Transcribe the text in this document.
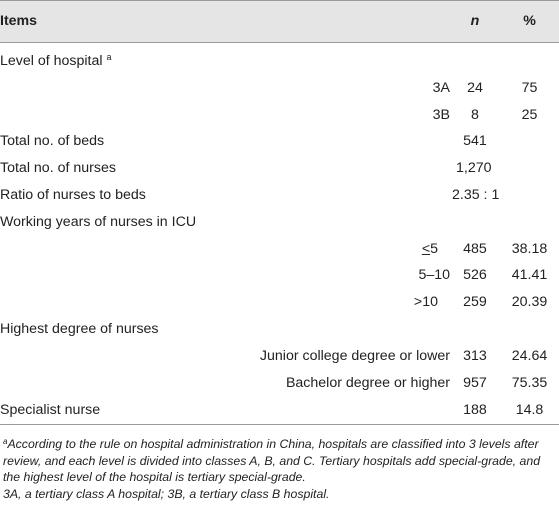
Items	n	%
Level of hospital $^a$
3A	24	75
3B	8	25
Total no. of beds	541	
Total no. of nurses	1,270	
Ratio of nurses to beds	2.35 : 1	
Working years of nurses in ICU		
≤5	485	38.18
5–10	526	41.41
>10	259	20.39
Highest degree of nurses		
Junior college degree or lower	313	24.64
Bachelor degree or higher	957	75.35
Specialist nurse	188	14.8

$^a$According to the rule on hospital administration in China, hospitals are classified into 3 levels after review, and each level is divided into classes A, B, and C. Tertiary hospitals add special-grade, and the highest level of the hospital is tertiary special-grade.

3A, a tertiary class A hospital; 3B, a tertiary class B hospital.
